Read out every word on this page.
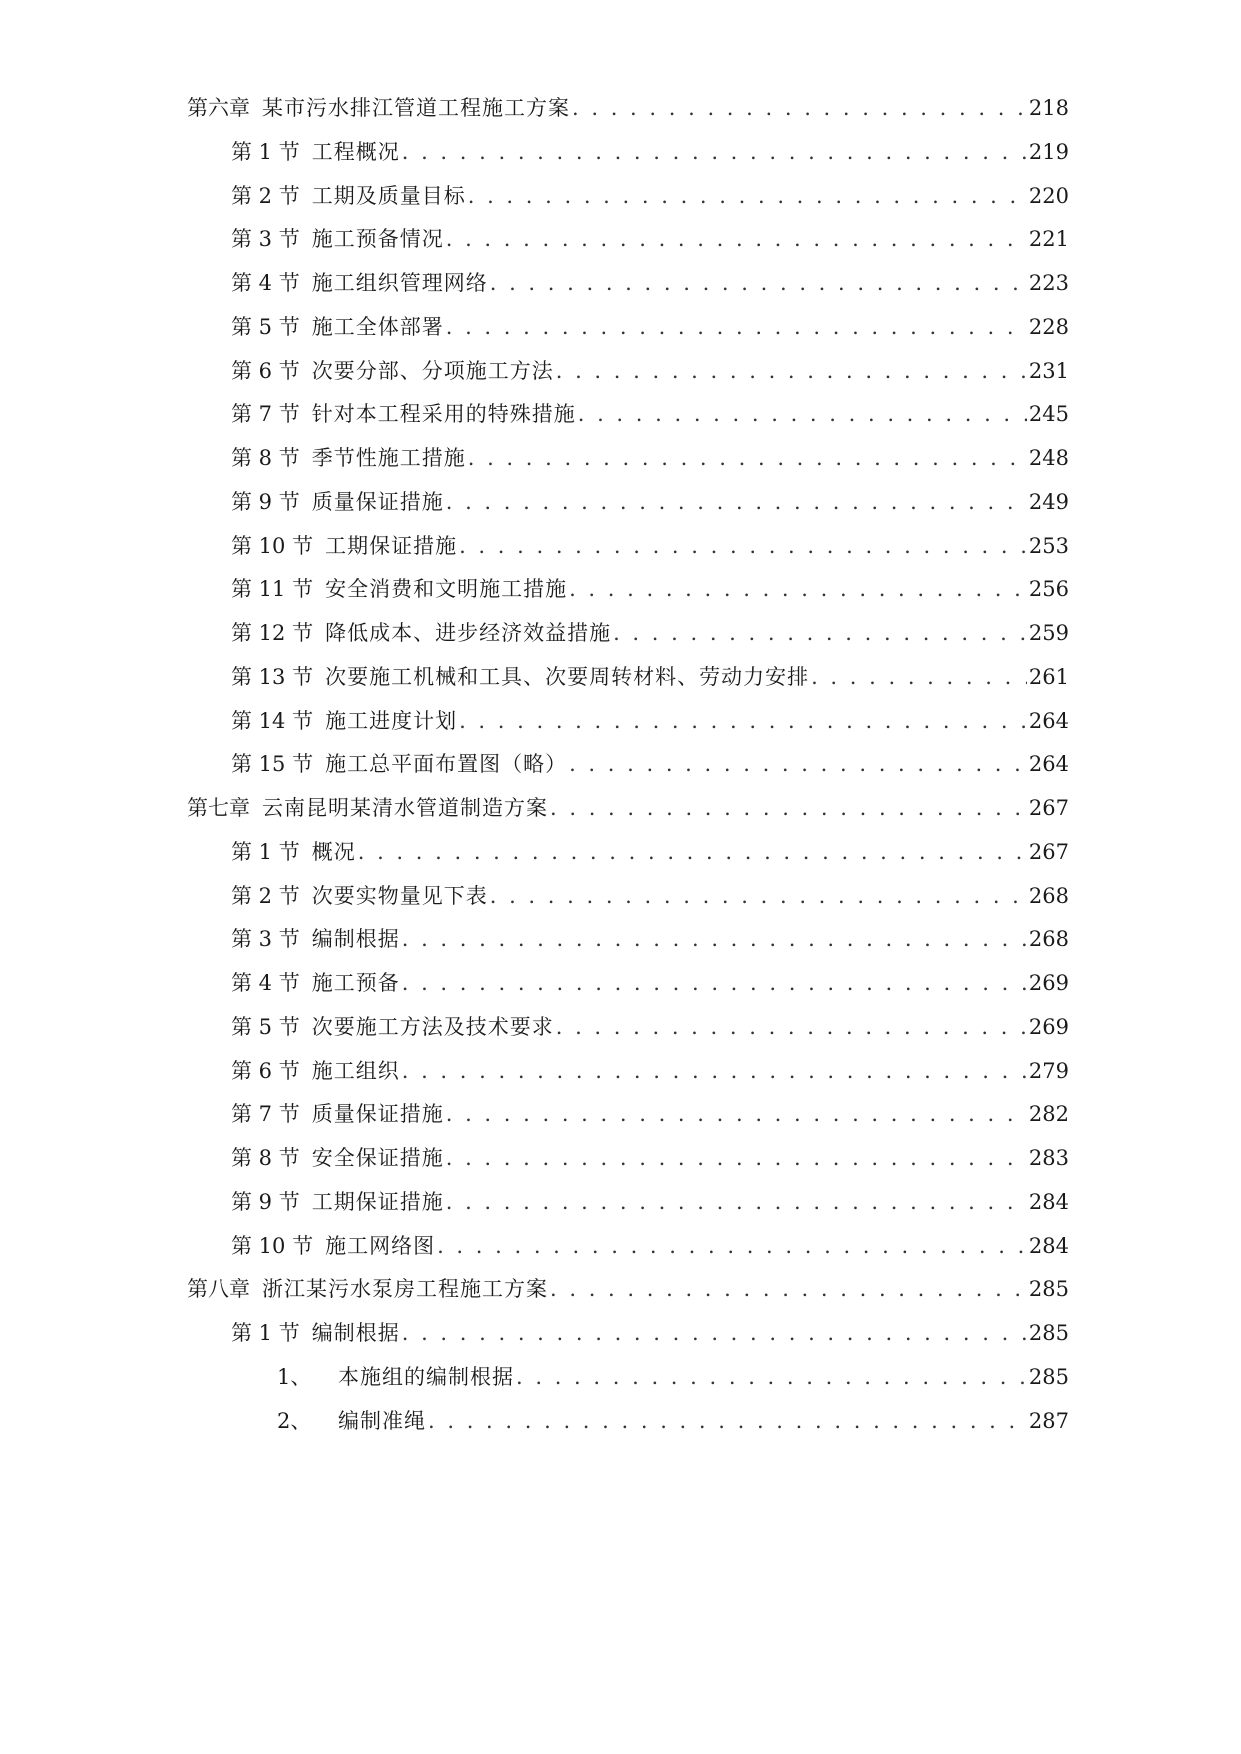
第六章 某市污水排江管道工程施工方案 . . .	218
第 1 节 工程概况 . . .	219
第 2 节 工期及质量目标 . . .	220
第 3 节 施工预备情况 . . .	221
第 4 节 施工组织管理网络 . . .	223
第 5 节 施工全体部署 . . .	228
第 6 节 次要分部、分项施工方法 . . .	231
第 7 节 针对本工程采用的特殊措施 . . .	245
第 8 节 季节性施工措施 . . .	248
第 9 节 质量保证措施 . . .	249
第 10 节 工期保证措施 . . .	253
第 11 节 安全消费和文明施工措施 . . .	256
第 12 节 降低成本、进步经济效益措施 . . .	259
第 13 节 次要施工机械和工具、次要周转材料、劳动力安排 . . .	261
第 14 节 施工进度计划 . . .	264
第 15 节 施工总平面布置图（略） . . .	264
第七章 云南昆明某清水管道制造方案 . . .	267
第 1 节 概况 . . .	267
第 2 节 次要实物量见下表 . . .	268
第 3 节 编制根据 . . .	268
第 4 节 施工预备 . . .	269
第 5 节 次要施工方法及技术要求 . . .	269
第 6 节 施工组织 . . .	279
第 7 节 质量保证措施 . . .	282
第 8 节 安全保证措施 . . .	283
第 9 节 工期保证措施 . . .	284
第 10 节 施工网络图 . . .	284
第八章 浙江某污水泵房工程施工方案 . . .	285
第 1 节 编制根据 . . .	285
1、	本施组的编制根据 . . .	285
2、	编制准绳 . . .	287
